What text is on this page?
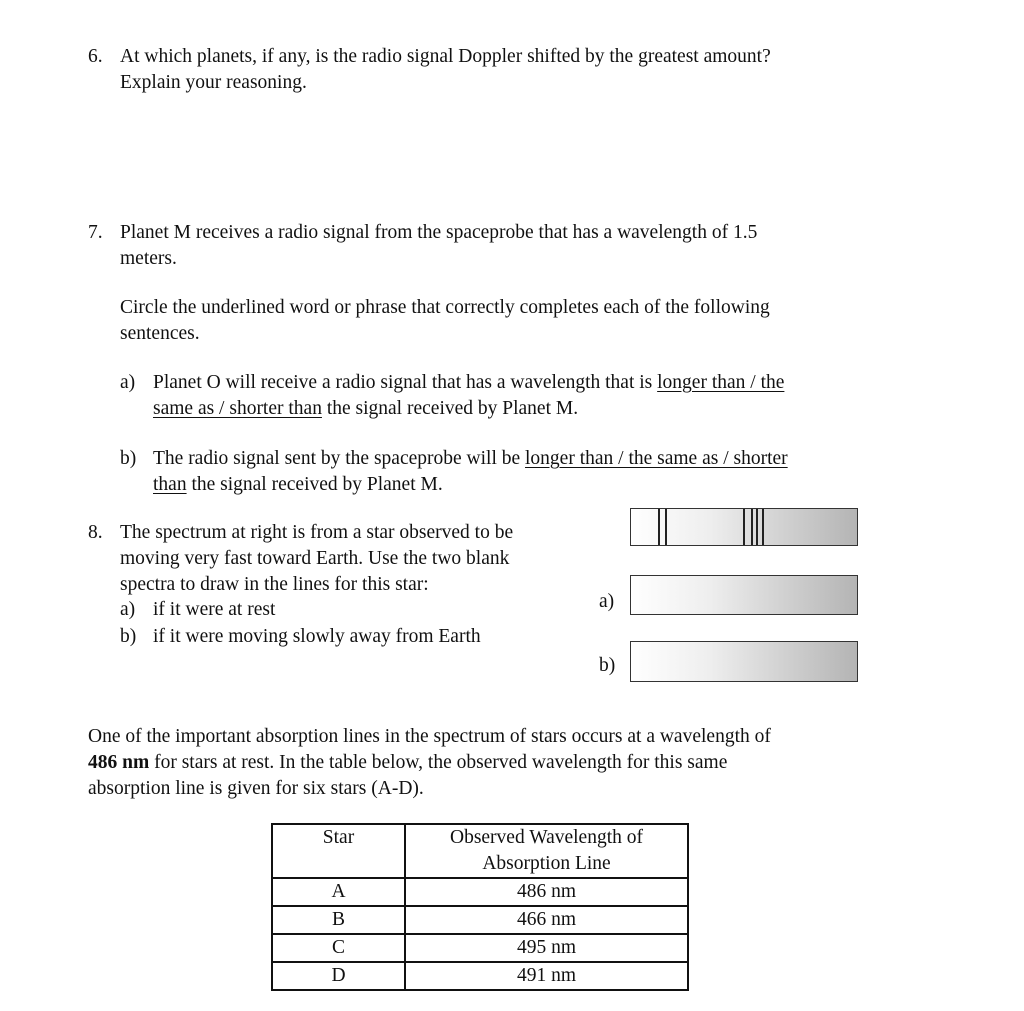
6. At which planets, if any, is the radio signal Doppler shifted by the greatest amount?
Explain your reasoning.
7. Planet M receives a radio signal from the spaceprobe that has a wavelength of 1.5
meters.
Circle the underlined word or phrase that correctly completes each of the following
sentences.
a) Planet O will receive a radio signal that has a wavelength that is longer than / the
same as / shorter than the signal received by Planet M.
b) The radio signal sent by the spaceprobe will be longer than / the same as / shorter
than the signal received by Planet M.
8. The spectrum at right is from a star observed to be
moving very fast toward Earth. Use the two blank
spectra to draw in the lines for this star:
a) if it were at rest
b) if it were moving slowly away from Earth
a)
b)
One of the important absorption lines in the spectrum of stars occurs at a wavelength of
486 nm for stars at rest. In the table below, the observed wavelength for this same
absorption line is given for six stars (A-D).
Star	Observed Wavelength of
Absorption Line
A	486 nm
B	466 nm
C	495 nm
D	491 nm
